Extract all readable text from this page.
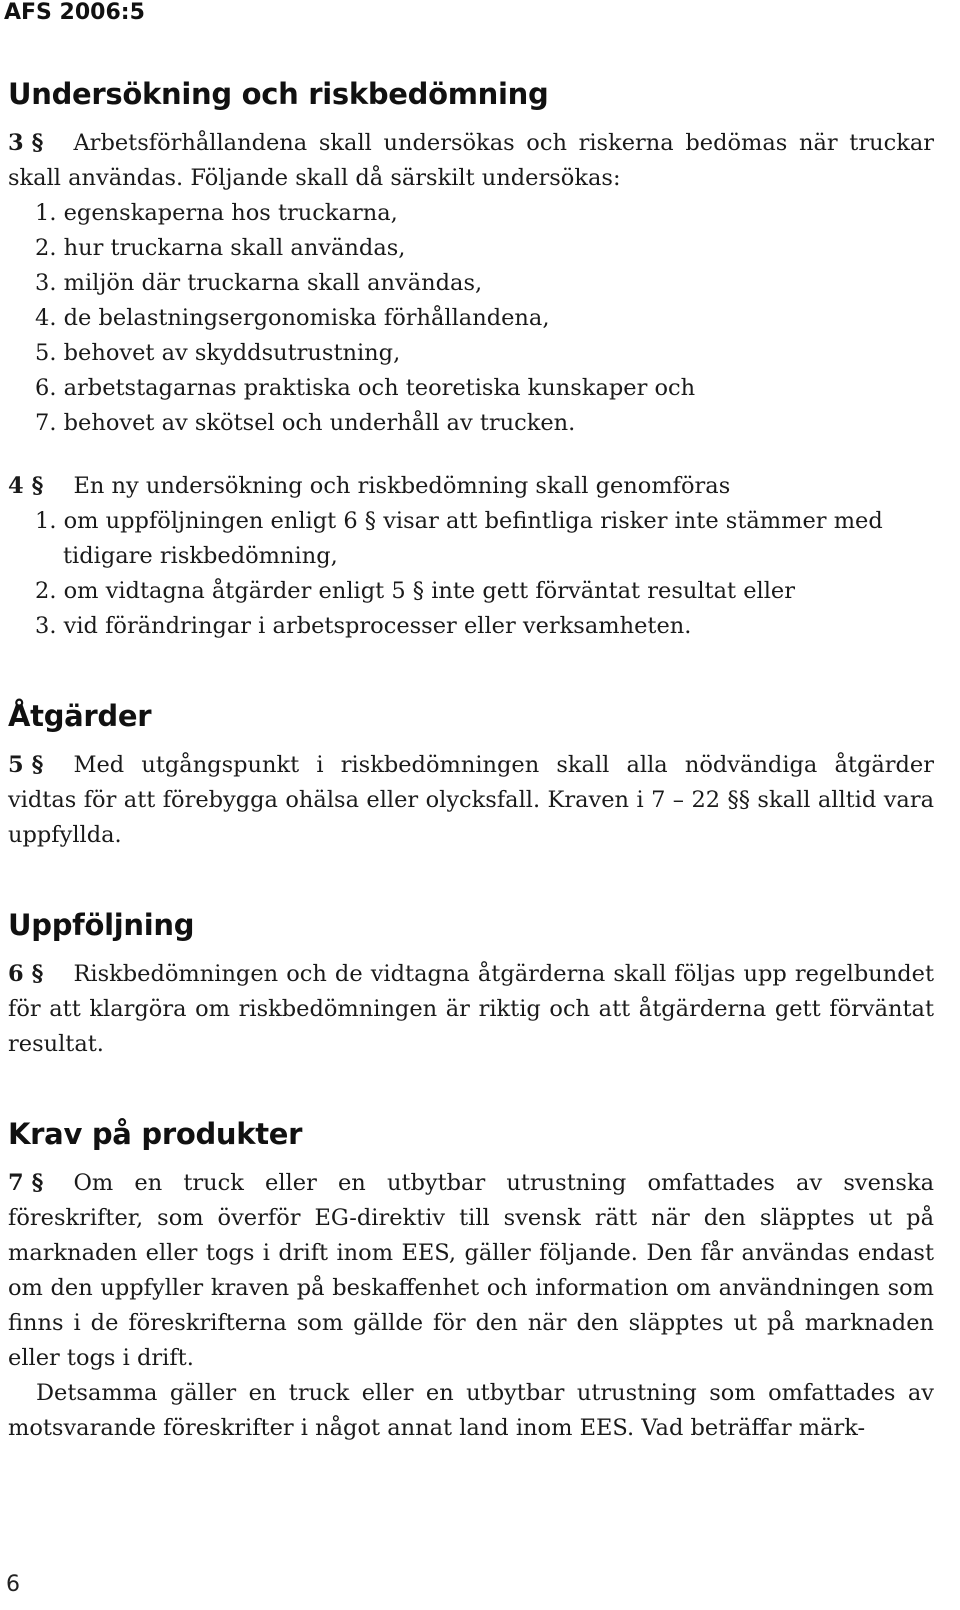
AFS 2006:5
Undersökning och riskbedömning

3 § Arbetsförhållandena skall undersökas och riskerna bedömas när truckar skall användas. Följande skall då särskilt undersökas:

1. egenskaperna hos truckarna,
2. hur truckarna skall användas,
3. miljön där truckarna skall användas,
4. de belastningsergonomiska förhållandena,
5. behovet av skyddsutrustning,
6. arbetstagarnas praktiska och teoretiska kunskaper och
7. behovet av skötsel och underhåll av trucken.

4 § En ny undersökning och riskbedömning skall genomföras

1. om uppföljningen enligt 6 § visar att befintliga risker inte stämmer med tidigare riskbedömning,
2. om vidtagna åtgärder enligt 5 § inte gett förväntat resultat eller
3. vid förändringar i arbetsprocesser eller verksamheten.
Åtgärder

5 § Med utgångspunkt i riskbedömningen skall alla nödvändiga åtgärder vidtas för att förebygga ohälsa eller olycksfall. Kraven i 7 – 22 §§ skall alltid vara uppfyllda.

Uppföljning

6 § Riskbedömningen och de vidtagna åtgärderna skall följas upp regelbundet för att klargöra om riskbedömningen är riktig och att åtgärderna gett förväntat resultat.

Krav på produkter

7 § Om en truck eller en utbytbar utrustning omfattades av svenska föreskrifter, som överför EG-direktiv till svensk rätt när den släpptes ut på marknaden eller togs i drift inom EES, gäller följande. Den får användas endast om den uppfyller kraven på beskaffenhet och information om användningen som finns i de föreskrifterna som gällde för den när den släpptes ut på marknaden eller togs i drift.

Detsamma gäller en truck eller en utbytbar utrustning som omfattades av motsvarande föreskrifter i något annat land inom EES. Vad beträffar märk-

6
